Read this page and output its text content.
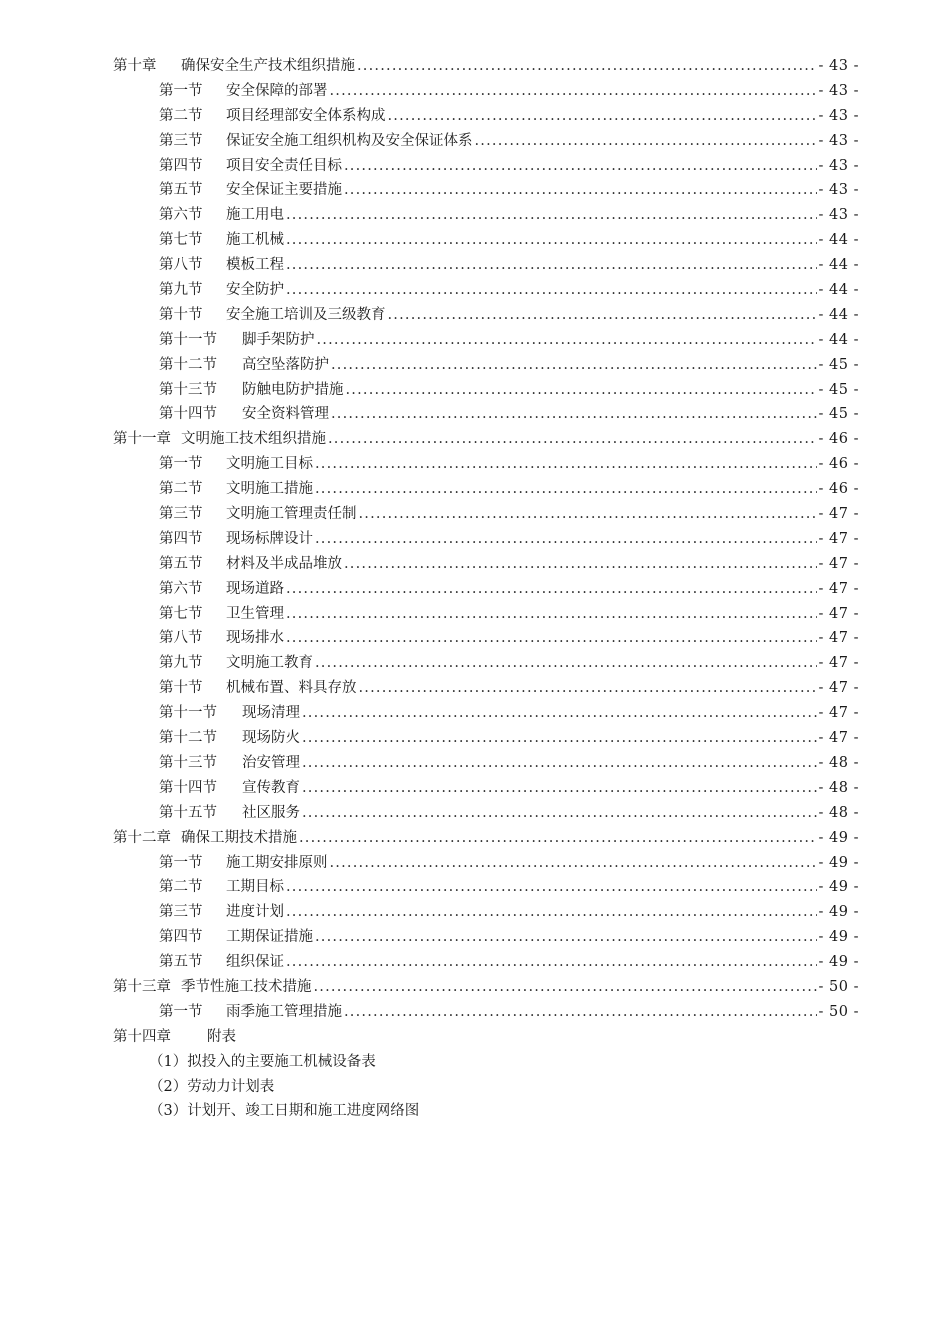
第十章	确保安全生产技术组织措施 .....	- 43 -
第一节	安全保障的部署 .....	- 43 -
第二节	项目经理部安全体系构成 .....	- 43 -
第三节	保证安全施工组织机构及安全保证体系 .....	- 43 -
第四节	项目安全责任目标 .....	- 43 -
第五节	安全保证主要措施 .....	- 43 -
第六节	施工用电 .....	- 43 -
第七节	施工机械 .....	- 44 -
第八节	模板工程 .....	- 44 -
第九节	安全防护 .....	- 44 -
第十节	安全施工培训及三级教育 .....	- 44 -
第十一节	脚手架防护 .....	- 44 -
第十二节	高空坠落防护 .....	- 45 -
第十三节	防触电防护措施 .....	- 45 -
第十四节	安全资料管理 .....	- 45 -
第十一章 文明施工技术组织措施 .....	- 46 -
第一节	文明施工目标 .....	- 46 -
第二节	文明施工措施 .....	- 46 -
第三节	文明施工管理责任制 .....	- 47 -
第四节	现场标牌设计 .....	- 47 -
第五节	材料及半成品堆放 .....	- 47 -
第六节	现场道路 .....	- 47 -
第七节	卫生管理 .....	- 47 -
第八节	现场排水 .....	- 47 -
第九节	文明施工教育 .....	- 47 -
第十节	机械布置、料具存放 .....	- 47 -
第十一节	现场清理 .....	- 47 -
第十二节	现场防火 .....	- 47 -
第十三节	治安管理 .....	- 48 -
第十四节	宣传教育 .....	- 48 -
第十五节	社区服务 .....	- 48 -
第十二章 确保工期技术措施 .....	- 49 -
第一节	施工期安排原则 .....	- 49 -
第二节	工期目标 .....	- 49 -
第三节	进度计划 .....	- 49 -
第四节	工期保证措施 .....	- 49 -
第五节	组织保证 .....	- 49 -
第十三章 季节性施工技术措施 .....	- 50 -
第一节	雨季施工管理措施 .....	- 50 -
第十四章	附表
（1）拟投入的主要施工机械设备表
（2）劳动力计划表
（3）计划开、竣工日期和施工进度网络图
